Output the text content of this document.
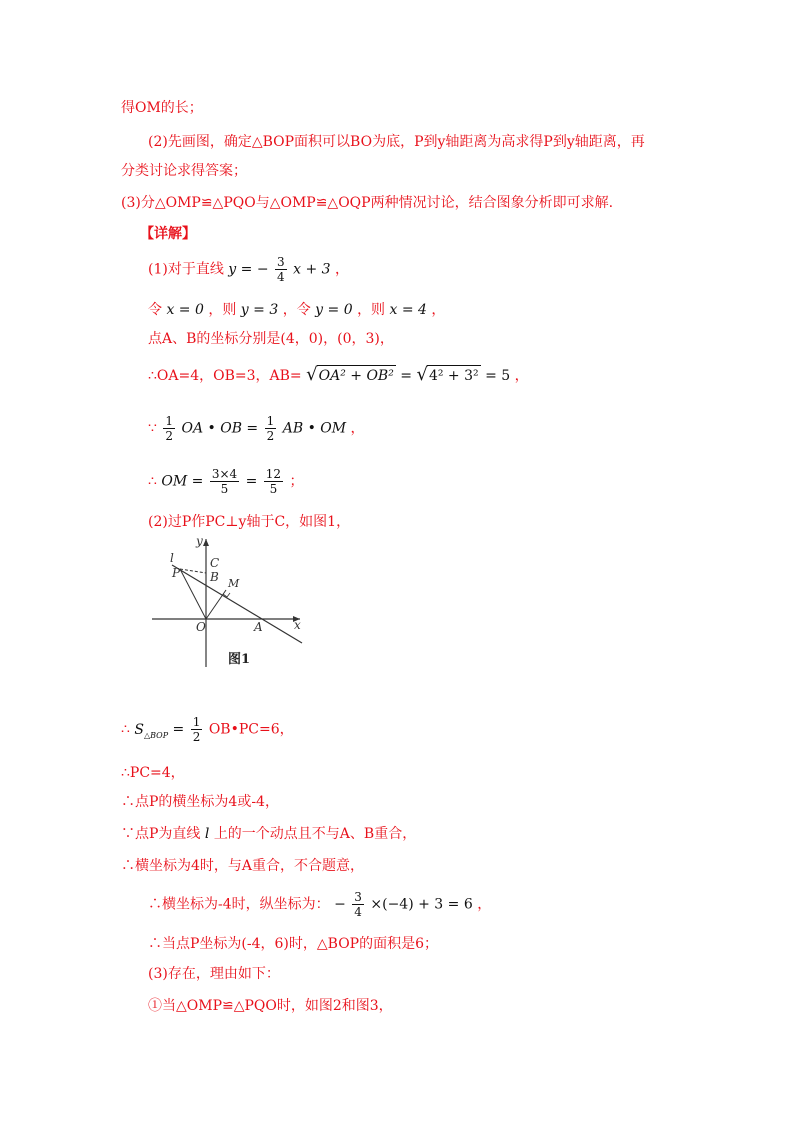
得OM的长；
(2)先画图，确定△BOP面积可以BO为底，P到y轴距离为高求得P到y轴距离，再
分类讨论求得答案；
(3)分△OMP≌△PQO与△OMP≌△OQP两种情况讨论，结合图象分析即可求解.
【详解】
(1)对于直线 y = − $\frac{3}{4}$ x + 3 ，
令 x = 0 ，则 y = 3 ，令 y = 0 ，则 x = 4 ，
点A、B的坐标分别是(4，0)，(0，3)，
∴OA=4，OB=3，AB= √OA² + OB² = √4² + 3² = 5 ，
∵ $\frac{1}{2}$ OA • OB = $\frac{1}{2}$ AB • OM ，
∴ OM = $\frac{3\times 4}{5} = \frac{12}{5}$ ；
(2)过P作PC⊥y轴于C，如图1，
y
x
l
P
C
B M
O	A
图1
∴ $S_{\triangle BOP} = \frac{1}{2}$ OB•PC=6，
∴PC=4，
∴点P的横坐标为4或-4，
∵点P为直线 l 上的一个动点且不与A、B重合，
∴横坐标为4时，与A重合，不合题意，
∴横坐标为-4时，纵坐标为： − $\frac{3}{4} \times(-4) + 3 = 6$ ，
∴当点P坐标为(-4，6)时，△BOP的面积是6；
(3)存在，理由如下：
①当△OMP≌△PQO时，如图2和图3，
